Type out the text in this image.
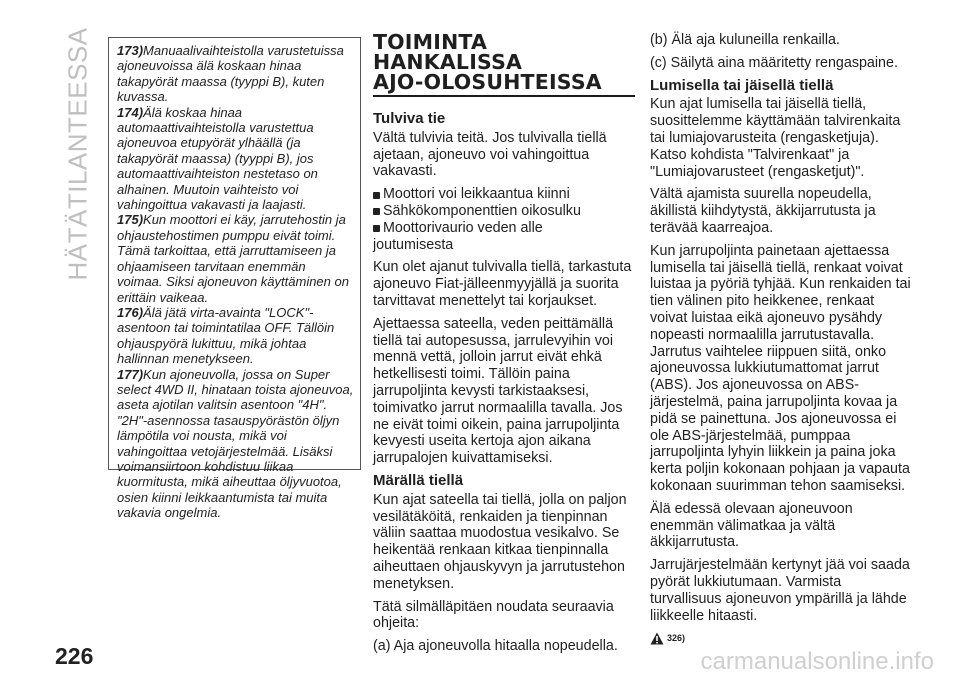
HÄTÄTILANTEESSA 173)Manuaalivaihteistolla varustetuissa ajoneuvoissa älä koskaan hinaa takapyörät maassa (tyyppi B), kuten kuvassa.

174)Älä koskaa hinaa automaattivaihteistolla varustettua ajoneuvoa etupyörät ylhäällä (ja takapyörät maassa) (tyyppi B), jos automaattivaihteiston nestetaso on alhainen. Muutoin vaihteisto voi vahingoittua vakavasti ja laajasti.

175)Kun moottori ei käy, jarrutehostin ja ohjaustehostimen pumppu eivät toimi. Tämä tarkoittaa, että jarruttamiseen ja ohjaamiseen tarvitaan enemmän voimaa. Siksi ajoneuvon käyttäminen on erittäin vaikeaa.

176)Älä jätä virta-avainta "LOCK"-asentoon tai toimintatilaa OFF. Tällöin ohjauspyörä lukittuu, mikä johtaa hallinnan menetykseen.

177)Kun ajoneuvolla, jossa on Super select 4WD II, hinataan toista ajoneuvoa, aseta ajotilan valitsin asentoon "4H". "2H"-asennossa tasauspyörästön öljyn lämpötila voi nousta, mikä voi vahingoittaa vetojärjestelmää. Lisäksi voimansiirtoon kohdistuu liikaa kuormitusta, mikä aiheuttaa öljyvuotoa, osien kiinni leikkaantumista tai muita vakavia ongelmia.

TOIMINTA
HANKALISSA
AJO-OLOSUHTEISSA
Tulviva tie

Vältä tulvivia teitä. Jos tulvivalla tiellä ajetaan, ajoneuvo voi vahingoittua vakavasti.

Moottori voi leikkaantua kiinni
Sähkökomponenttien oikosulku
Moottorivaurio veden alle

joutumisesta

Kun olet ajanut tulvivalla tiellä, tarkastuta ajoneuvo Fiat-jälleenmyyjällä ja suorita tarvittavat menettelyt tai korjaukset.

Ajettaessa sateella, veden peittämällä tiellä tai autopesussa, jarrulevyihin voi mennä vettä, jolloin jarrut eivät ehkä hetkellisesti toimi. Tällöin paina jarrupoljinta kevysti tarkistaaksesi, toimivatko jarrut normaalilla tavalla. Jos ne eivät toimi oikein, paina jarrupoljinta kevyesti useita kertoja ajon aikana jarrupalojen kuivattamiseksi.

Märällä tiellä

Kun ajat sateella tai tiellä, jolla on paljon vesilätäköitä, renkaiden ja tienpinnan väliin saattaa muodostua vesikalvo. Se heikentää renkaan kitkaa tienpinnalla aiheuttaen ohjauskyvyn ja jarrutustehon menetyksen.

Tätä silmälläpitäen noudata seuraavia ohjeita:

(a) Aja ajoneuvolla hitaalla nopeudella.

(b) Älä aja kuluneilla renkailla.

(c) Säilytä aina määritetty rengaspaine.

Lumisella tai jäisellä tiellä

Kun ajat lumisella tai jäisellä tiellä, suosittelemme käyttämään talvirenkaita tai lumiajovarusteita (rengasketjuja). Katso kohdista "Talvirenkaat" ja "Lumiajovarusteet (rengasketjut)".

Vältä ajamista suurella nopeudella, äkillistä kiihdytystä, äkkijarrutusta ja terävää kaarreajoa.

Kun jarrupoljinta painetaan ajettaessa lumisella tai jäisellä tiellä, renkaat voivat luistaa ja pyöriä tyhjää. Kun renkaiden tai tien välinen pito heikkenee, renkaat voivat luistaa eikä ajoneuvo pysähdy nopeasti normaalilla jarrutustavalla. Jarrutus vaihtelee riippuen siitä, onko ajoneuvossa lukkiutumattomat jarrut (ABS). Jos ajoneuvossa on ABS-järjestelmä, paina jarrupoljinta kovaa ja pidä se painettuna. Jos ajoneuvossa ei ole ABS-järjestelmää, pumppaa jarrupoljinta lyhyin liikkein ja paina joka kerta poljin kokonaan pohjaan ja vapauta kokonaan suurimman tehon saamiseksi.

Älä edessä olevaan ajoneuvoon enemmän välimatkaa ja vältä äkkijarrutusta.

Jarrujärjestelmään kertynyt jää voi saada pyörät lukkiutumaan. Varmista turvallisuus ajoneuvon ympärillä ja lähde liikkeelle hitaasti.

326)
226	carmanualsonline.info
